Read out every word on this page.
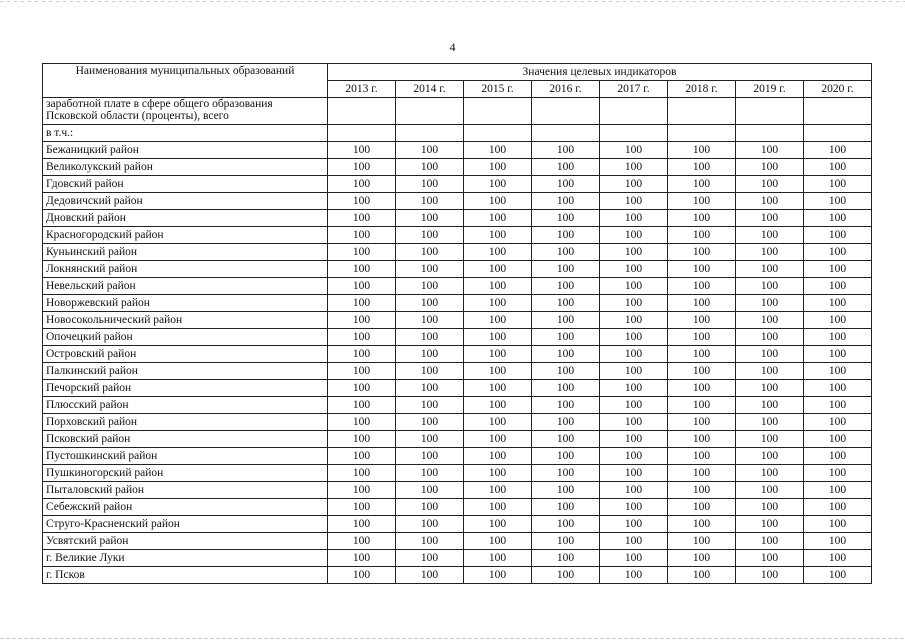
4
Наименования муниципальных образований	Значения целевых индикаторов							
	2013 г.	2014 г.	2015 г.	2016 г.	2017 г.	2018 г.	2019 г.	2020 г.

заработной плате в сфере общего образования
Псковской области (проценты), всего								

в т.ч.:								
Бежаницкий район	100	100	100	100	100	100	100	100
Великолукский район	100	100	100	100	100	100	100	100
Гдовский район	100	100	100	100	100	100	100	100
Дедовичский район	100	100	100	100	100	100	100	100
Дновский район	100	100	100	100	100	100	100	100
Красногородский район	100	100	100	100	100	100	100	100
Куньинский район	100	100	100	100	100	100	100	100
Локнянский район	100	100	100	100	100	100	100	100
Невельский район	100	100	100	100	100	100	100	100
Новоржевский район	100	100	100	100	100	100	100	100
Новосокольнический район	100	100	100	100	100	100	100	100
Опочецкий район	100	100	100	100	100	100	100	100
Островский район	100	100	100	100	100	100	100	100
Палкинский район	100	100	100	100	100	100	100	100
Печорский район	100	100	100	100	100	100	100	100
Плюсский район	100	100	100	100	100	100	100	100
Порховский район	100	100	100	100	100	100	100	100
Псковский район	100	100	100	100	100	100	100	100
Пустошкинский район	100	100	100	100	100	100	100	100
Пушкиногорский район	100	100	100	100	100	100	100	100
Пыталовский район	100	100	100	100	100	100	100	100
Себежский район	100	100	100	100	100	100	100	100
Струго-Красненский район	100	100	100	100	100	100	100	100
Усвятский район	100	100	100	100	100	100	100	100
г. Великие Луки	100	100	100	100	100	100	100	100
г. Псков	100	100	100	100	100	100	100	100
